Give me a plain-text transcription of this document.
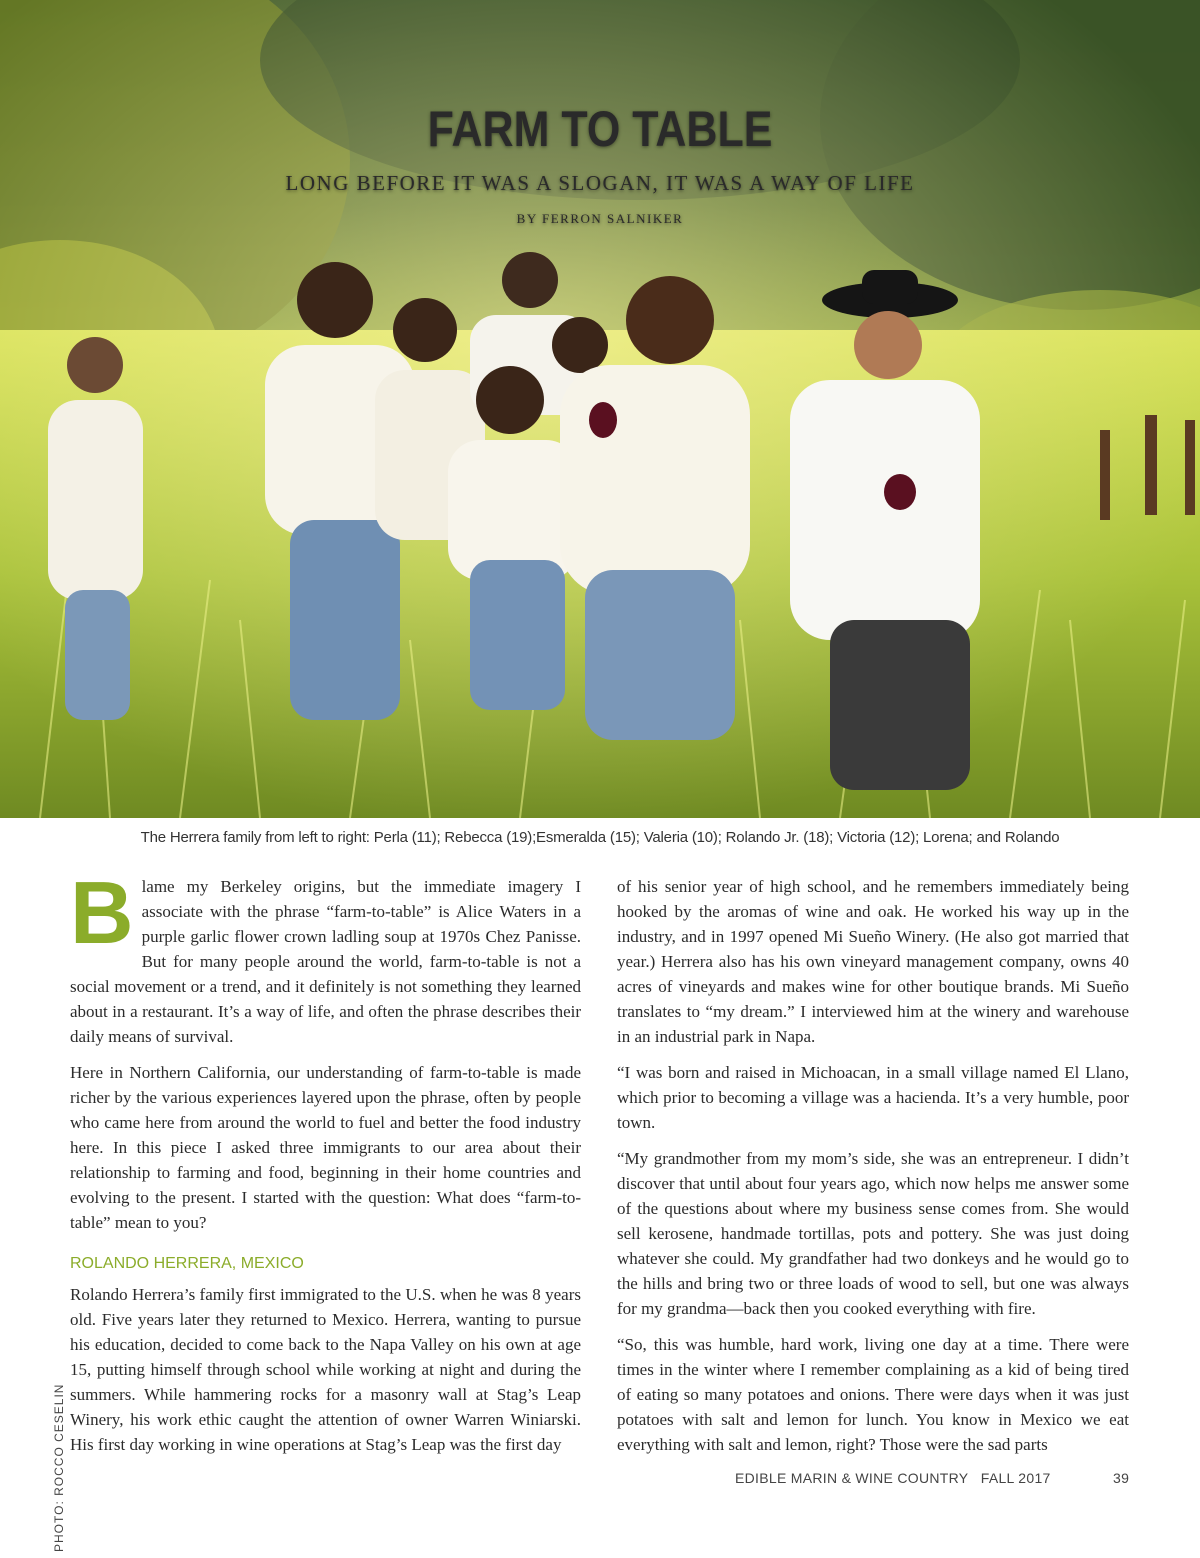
FARM TO TABLE
LONG BEFORE IT WAS A SLOGAN, IT WAS A WAY OF LIFE
BY FERRON SALNIKER
The Herrera family from left to right: Perla (11); Rebecca (19);Esmeralda (15); Valeria (10); Rolando Jr. (18); Victoria (12); Lorena; and Rolando
PHOTO: ROCCO CESELIN

Blame my Berkeley origins, but the immediate imagery I associate with the phrase “farm-to-table” is Alice Waters in a purple garlic flower crown ladling soup at 1970s Chez Panisse. But for many people around the world, farm-to-table is not a social movement or a trend, and it definitely is not something they learned about in a restaurant. It’s a way of life, and often the phrase describes their daily means of survival.

Here in Northern California, our understanding of farm-to-table is made richer by the various experiences layered upon the phrase, often by people who came here from around the world to fuel and better the food industry here. In this piece I asked three immigrants to our area about their relationship to farming and food, beginning in their home countries and evolving to the present. I started with the question: What does “farm-to-table” mean to you?

ROLANDO HERRERA, MEXICO

Rolando Herrera’s family first immigrated to the U.S. when he was 8 years old. Five years later they returned to Mexico. Herrera, wanting to pursue his education, decided to come back to the Napa Valley on his own at age 15, putting himself through school while working at night and during the summers. While hammering rocks for a masonry wall at Stag’s Leap Winery, his work ethic caught the attention of owner Warren Winiarski. His first day working in wine operations at Stag’s Leap was the first day

of his senior year of high school, and he remembers immediately being hooked by the aromas of wine and oak. He worked his way up in the industry, and in 1997 opened Mi Sueño Winery. (He also got married that year.) Herrera also has his own vineyard management company, owns 40 acres of vineyards and makes wine for other boutique brands. Mi Sueño translates to “my dream.” I interviewed him at the winery and warehouse in an industrial park in Napa.

“I was born and raised in Michoacan, in a small village named El Llano, which prior to becoming a village was a hacienda. It’s a very humble, poor town.

“My grandmother from my mom’s side, she was an entrepreneur. I didn’t discover that until about four years ago, which now helps me answer some of the questions about where my business sense comes from. She would sell kerosene, handmade tortillas, pots and pottery. She was just doing whatever she could. My grandfather had two donkeys and he would go to the hills and bring two or three loads of wood to sell, but one was always for my grandma—back then you cooked everything with fire.

“So, this was humble, hard work, living one day at a time. There were times in the winter where I remember complaining as a kid of being tired of eating so many potatoes and onions. There were days when it was just potatoes with salt and lemon for lunch. You know in Mexico we eat everything with salt and lemon, right? Those were the sad parts

EDIBLE MARIN & WINE COUNTRY   FALL 2017	39
